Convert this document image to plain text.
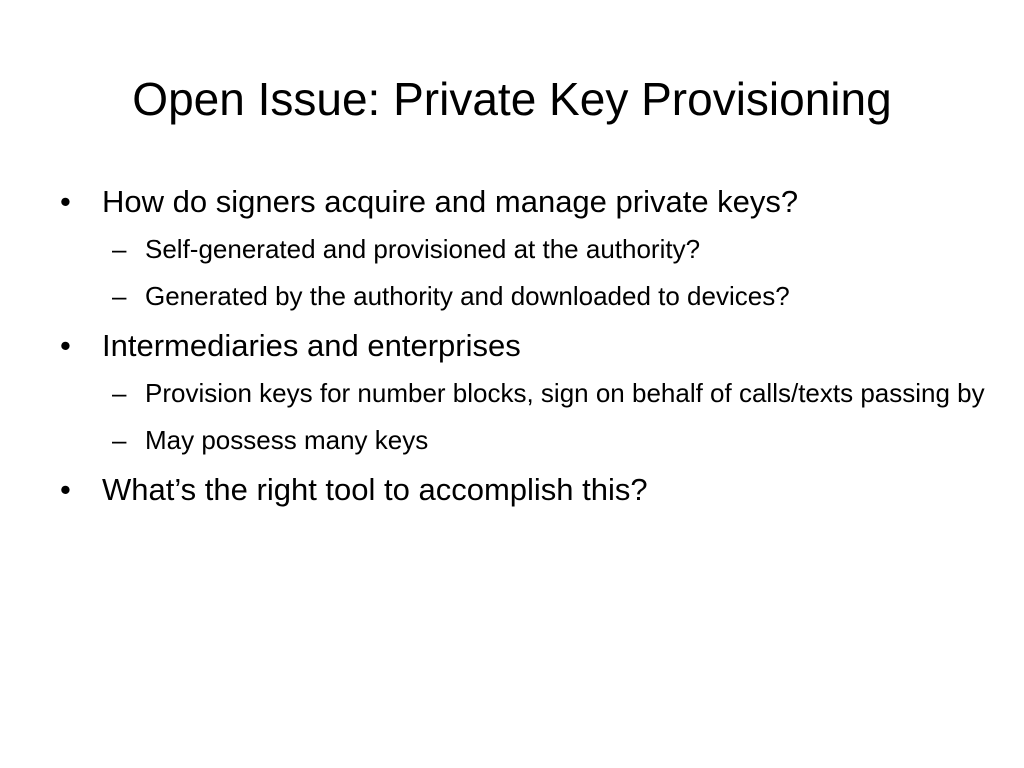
Open Issue: Private Key Provisioning
•	How do signers acquire and manage private keys?
– Self-generated and provisioned at the authority?
– Generated by the authority and downloaded to devices?
•	Intermediaries and enterprises
– Provision keys for number blocks, sign on behalf of calls/texts passing by
– May possess many keys
•	What’s the right tool to accomplish this?
